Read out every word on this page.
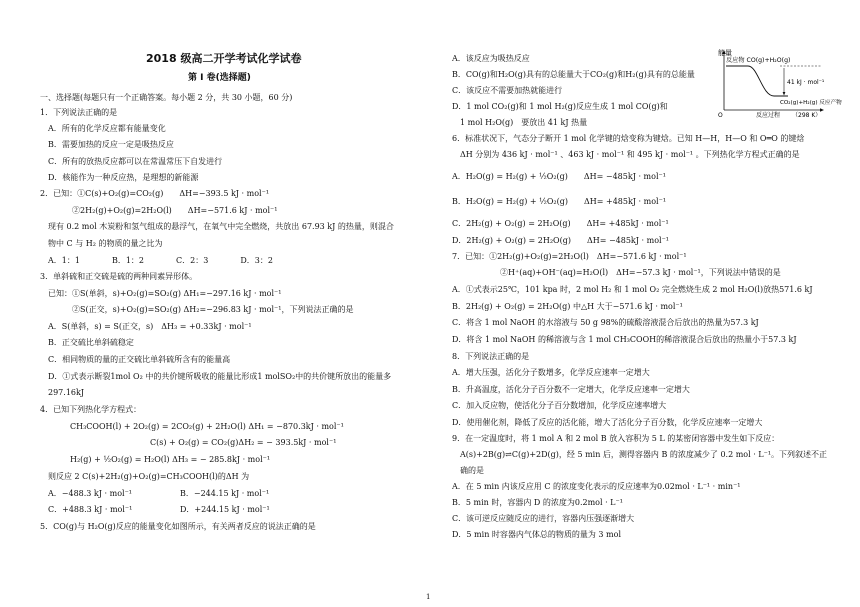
2018 级高二开学考试化学试卷
第 Ⅰ 卷(选择题)
一、选择题(每题只有一个正确答案。每小题 2 分，共 30 小题，60 分)
1．下列说法正确的是
A．所有的化学反应都有能量变化
B．需要加热的反应一定是吸热反应
C．所有的放热反应都可以在常温常压下自发进行
D．核能作为一种反应热，是理想的新能源
2．已知：①C(s)+O₂(g)=CO₂(g)　　ΔH=−393.5 kJ · mol⁻¹
　　　　②2H₂(g)+O₂(g)=2H₂O(l)　　ΔH=−571.6 kJ · mol⁻¹
现有 0.2 mol 木炭粉和氢气组成的悬浮气，在氧气中完全燃烧，共放出 67.93 kJ 的热量，则混合
物中 C 与 H₂ 的物质的量之比为
A．1：1　　　　B．1：2　　　　C．2：3　　　　D．3：2
3．单斜硫和正交硫是硫的两种同素异形体。
已知：①S(单斜，s)+O₂(g)=SO₂(g) ΔH₁=−297.16 kJ · mol⁻¹
　　　②S(正交，s)+O₂(g)=SO₂(g) ΔH₂=−296.83 kJ · mol⁻¹，下列说法正确的是
A．S(单斜，s) = S(正交，s)　ΔH₃ = +0.33kJ · mol⁻¹
B．正交硫比单斜硫稳定
C．相同物质的量的正交硫比单斜硫所含有的能量高
D．①式表示断裂1mol O₂ 中的共价键所吸收的能量比形成1 molSO₂中的共价键所放出的能量多
297.16kJ
4．已知下列热化学方程式：
CH₃COOH(l) + 2O₂(g) = 2CO₂(g) + 2H₂O(l) ΔH₁ = −870.3kJ · mol⁻¹
C(s) + O₂(g) = CO₂(g)ΔH₂ = − 393.5kJ · mol⁻¹
H₂(g) + ½O₂(g) = H₂O(l) ΔH₃ = − 285.8kJ · mol⁻¹
则反应 2 C(s)+2H₂(g)+O₂(g)=CH₃COOH(l)的ΔH 为
A．−488.3 kJ · mol⁻¹	B．−244.15 kJ · mol⁻¹
C．+488.3 kJ · mol⁻¹	D．+244.15 kJ · mol⁻¹
5．CO(g)与 H₂O(g)反应的能量变化如图所示，有关两者反应的说法正确的是
A．该反应为吸热反应
B．CO(g)和H₂O(g)具有的总能量大于CO₂(g)和H₂(g)具有的总能量
C．该反应不需要加热就能进行
D．1 mol CO₂(g)和 1 mol H₂(g)反应生成 1 mol CO(g)和
1 mol H₂O(g)　要放出 41 kJ 热量
6．标准状况下，气态分子断开 1 mol 化学键的焓变称为键焓。已知 H—H，H—O 和 O═O 的键焓
ΔH 分别为 436 kJ · mol⁻¹ 、463 kJ · mol⁻¹ 和 495 kJ · mol⁻¹ 。下列热化学方程式正确的是
A．H₂O(g) = H₂(g) + ½O₂(g)　　ΔH= −485kJ · mol⁻¹
B．H₂O(g) = H₂(g) + ½O₂(g)　　ΔH= +485kJ · mol⁻¹
C．2H₂(g) + O₂(g) = 2H₂O(g)　　ΔH= +485kJ · mol⁻¹
D．2H₂(g) + O₂(g) = 2H₂O(g)　　ΔH= −485kJ · mol⁻¹
7．已知：①2H₂(g)+O₂(g)=2H₂O(l)　ΔH=−571.6 kJ · mol⁻¹
　　　　②H⁺(aq)+OH⁻(aq)=H₂O(l)　ΔH=−57.3 kJ · mol⁻¹，下列说法中错误的是
A．①式表示25℃，101 kpa 时，2 mol H₂ 和 1 mol O₂ 完全燃烧生成 2 mol H₂O(l)放热571.6 kJ
B．2H₂(g) + O₂(g) = 2H₂O(g) 中△H 大于−571.6 kJ · mol⁻¹
C．将含 1 mol NaOH 的水溶液与 50 g 98%的硫酸溶液混合后放出的热量为57.3 kJ
D．将含 1 mol NaOH 的稀溶液与含 1 mol CH₃COOH的稀溶液混合后放出的热量小于57.3 kJ
8．下列说法正确的是
A．增大压强，活化分子数增多，化学反应速率一定增大
B．升高温度，活化分子百分数不一定增大，化学反应速率一定增大
C．加入反应物，使活化分子百分数增加，化学反应速率增大
D．使用催化剂，降低了反应的活化能，增大了活化分子百分数，化学反应速率一定增大
9．在一定温度时，将 1 mol A 和 2 mol B 放入容积为 5 L 的某密闭容器中发生如下反应：
A(s)+2B(g)⇌C(g)+2D(g)，经 5 min 后，测得容器内 B 的浓度减少了 0.2 mol · L⁻¹。下列叙述不正
确的是
A．在 5 min 内该反应用 C 的浓度变化表示的反应速率为0.02mol · L⁻¹ · min⁻¹
B．5 min 时，容器内 D 的浓度为0.2mol · L⁻¹
C．该可逆反应随反应的进行，容器内压强逐渐增大
D．5 min 时容器内气体总的物质的量为 3 mol
能量
反应物 CO(g)+H₂O(g)
41 kJ · mol⁻¹
CO₂(g)+H₂(g) 反应产物
O	反应过程 （298 K）
1
